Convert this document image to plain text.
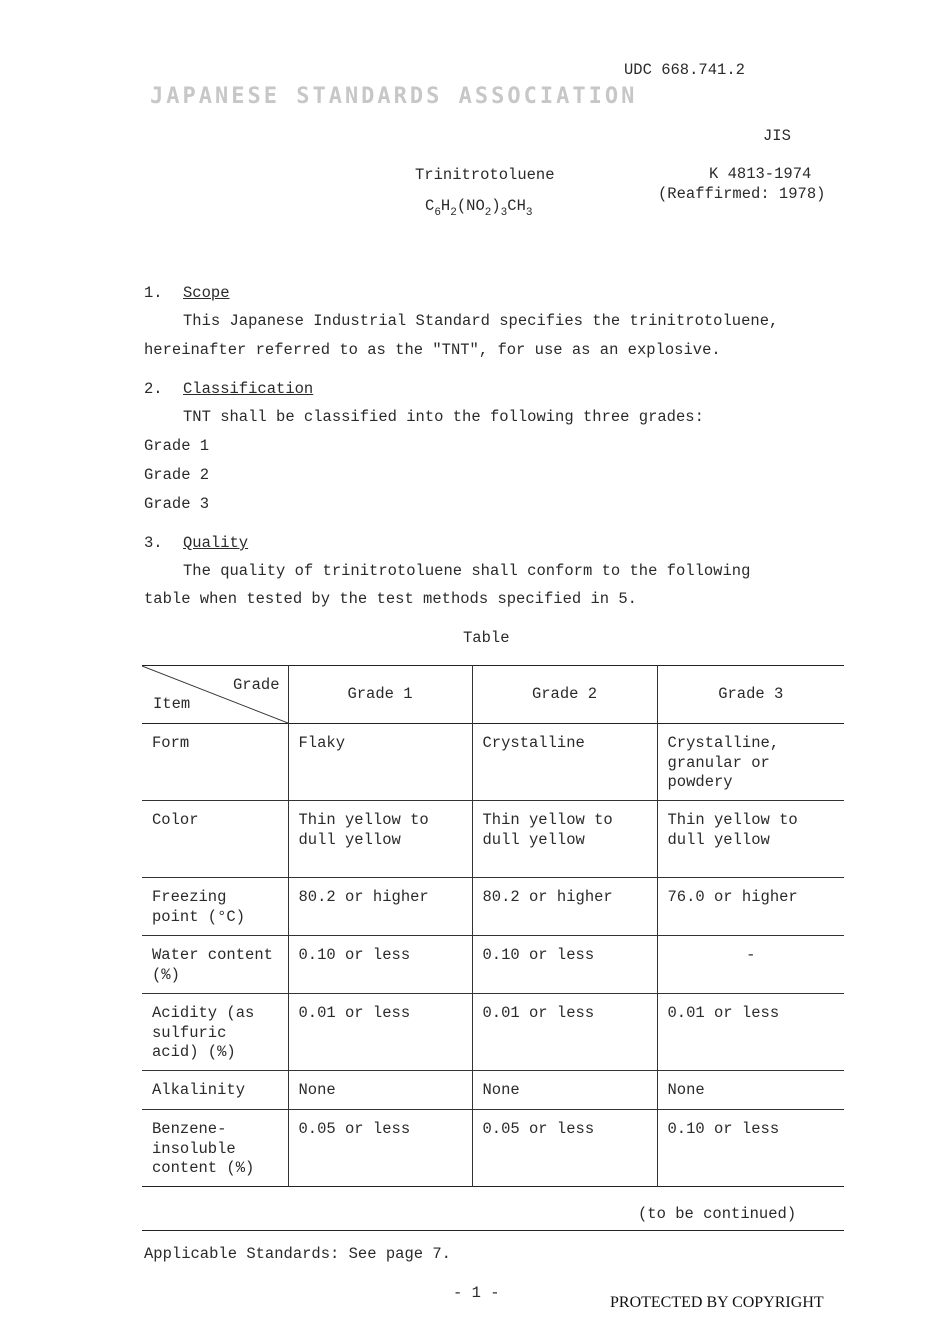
UDC 668.741.2
JAPANESE STANDARDS ASSOCIATION
JIS
Trinitrotoluene	K 4813-1974
(Reaffirmed: 1978)
$C_6H_2(NO_2)_3CH_3$
1. Scope
This Japanese Industrial Standard specifies the trinitrotoluene,
hereinafter referred to as the "TNT", for use as an explosive.
2. Classification
TNT shall be classified into the following three grades:
Grade 1
Grade 2
Grade 3
3. Quality
The quality of trinitrotoluene shall conform to the following
table when tested by the test methods specified in 5.
Table
Grade
Item	Grade 1	Grade 2	Grade 3
Form	Flaky	Crystalline	Crystalline,
granular or
powdery
Color	Thin yellow to
dull yellow	Thin yellow to
dull yellow	Thin yellow to
dull yellow
Freezing
point (°C)	80.2 or higher	80.2 or higher	76.0 or higher
Water content
(%)	0.10 or less	0.10 or less	-
Acidity (as
sulfuric
acid) (%)	0.01 or less	0.01 or less	0.01 or less
Alkalinity	None	None	None
Benzene-
insoluble
content (%)	0.05 or less	0.05 or less	0.10 or less
(to be continued)
Applicable Standards: See page 7.
- 1 -
PROTECTED BY COPYRIGHT
